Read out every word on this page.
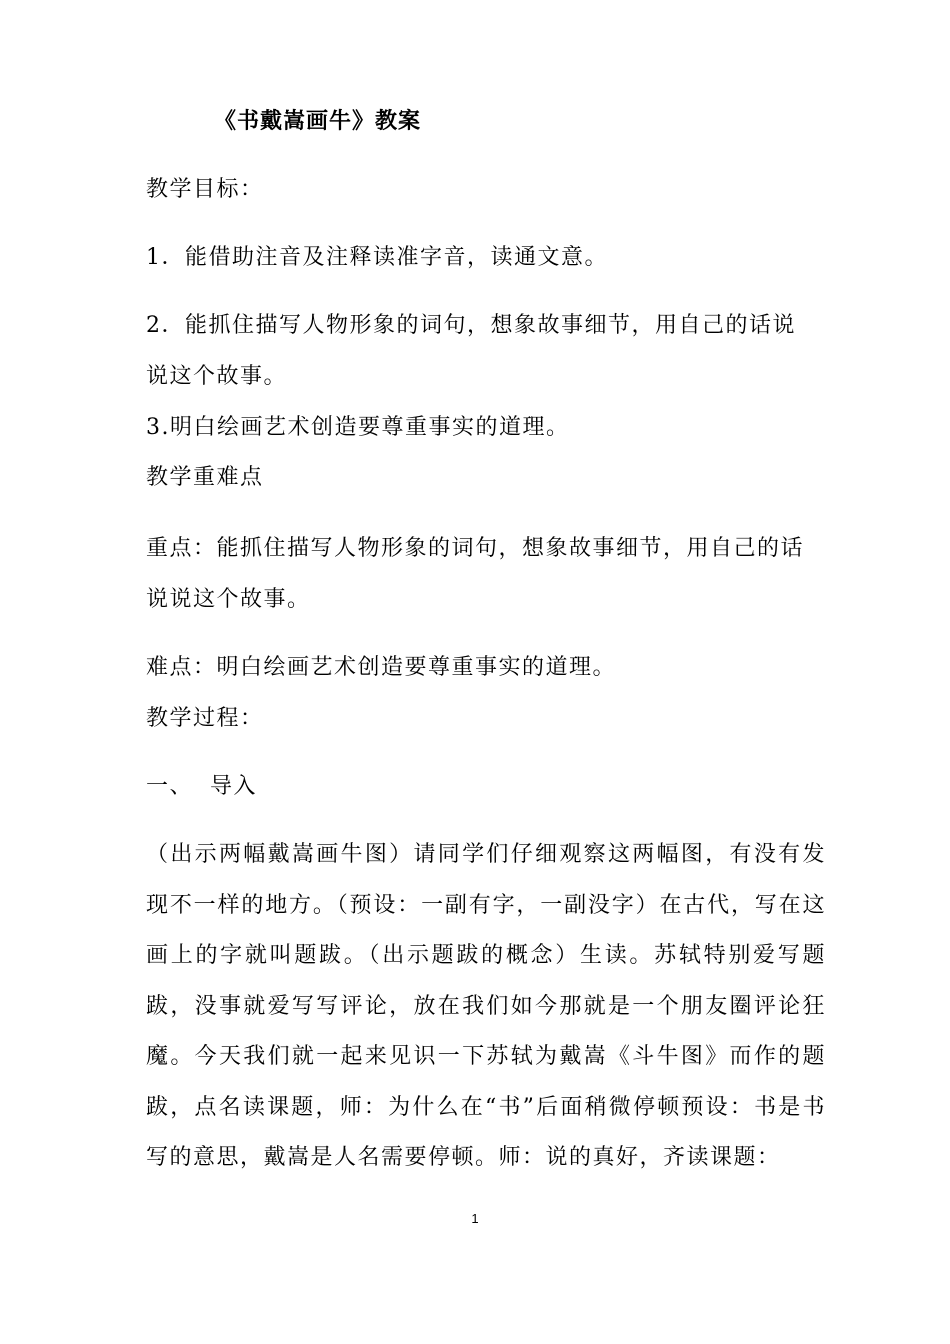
《书戴嵩画牛》教案
教学目标：
1．能借助注音及注释读准字音，读通文意。
2．能抓住描写人物形象的词句，想象故事细节，用自己的话说
说这个故事。
3.明白绘画艺术创造要尊重事实的道理。
教学重难点
重点：能抓住描写人物形象的词句，想象故事细节，用自己的话
说说这个故事。
难点：明白绘画艺术创造要尊重事实的道理。
教学过程：
一、  导入
（出示两幅戴嵩画牛图）请同学们仔细观察这两幅图，有没有发现不一样的地方。（预设：一副有字，一副没字）在古代，写在这画上的字就叫题跋。（出示题跋的概念）生读。苏轼特别爱写题跋，没事就爱写写评论，放在我们如今那就是一个朋友圈评论狂魔。今天我们就一起来见识一下苏轼为戴嵩《斗牛图》而作的题跋，点名读课题，师：为什么在“书”后面稍微停顿预设：书是书写的意思，戴嵩是人名需要停顿。师：说的真好，齐读课题：
1
